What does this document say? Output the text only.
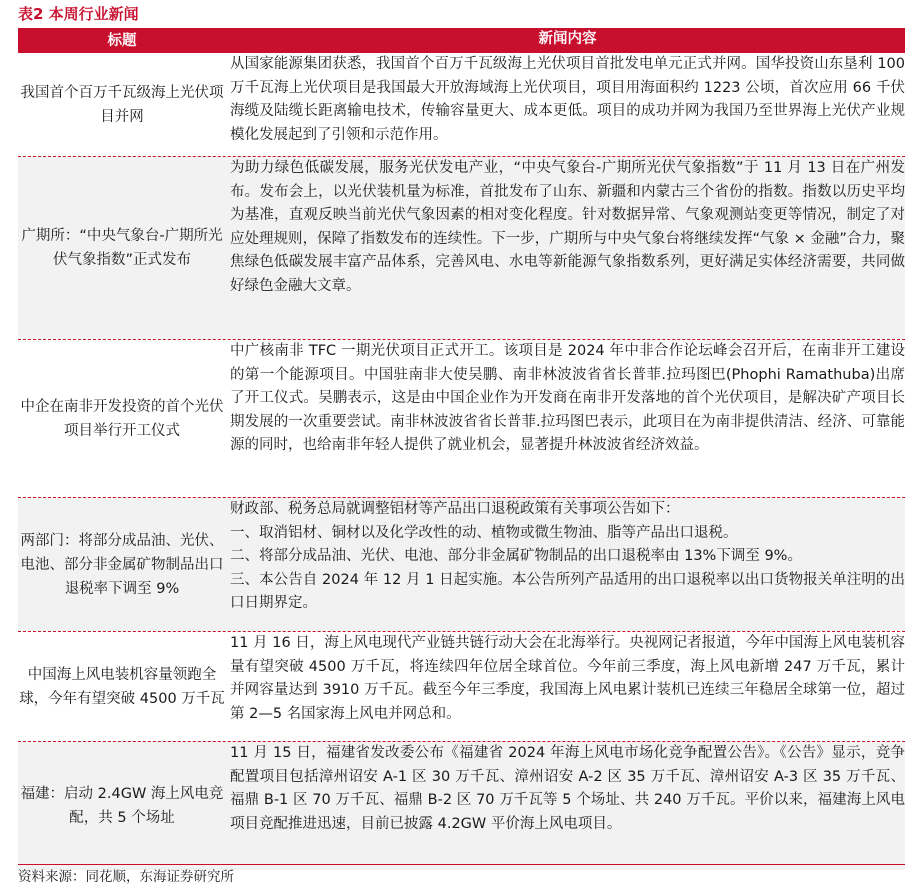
表2 本周行业新闻
标题	新闻内容
我国首个百万千瓦级海上光伏项目并网
从国家能源集团获悉，我国首个百万千瓦级海上光伏项目首批发电单元正式并网。国华投资山东垦利 100 万千瓦海上光伏项目是我国最大开放海域海上光伏项目，项目用海面积约 1223 公顷，首次应用 66 千伏海缆及陆缆长距离输电技术，传输容量更大、成本更低。项目的成功并网为我国乃至世界海上光伏产业规模化发展起到了引领和示范作用。
广期所：“中央气象台-广期所光伏气象指数”正式发布
为助力绿色低碳发展，服务光伏发电产业，“中央气象台-广期所光伏气象指数”于 11 月 13 日在广州发布。发布会上，以光伏装机量为标准，首批发布了山东、新疆和内蒙古三个省份的指数。指数以历史平均为基准，直观反映当前光伏气象因素的相对变化程度。针对数据异常、气象观测站变更等情况，制定了对应处理规则，保障了指数发布的连续性。下一步，广期所与中央气象台将继续发挥“气象 × 金融”合力，聚焦绿色低碳发展丰富产品体系，完善风电、水电等新能源气象指数系列，更好满足实体经济需要，共同做好绿色金融大文章。
中企在南非开发投资的首个光伏项目举行开工仪式
中广核南非 TFC 一期光伏项目正式开工。该项目是 2024 年中非合作论坛峰会召开后，在南非开工建设的第一个能源项目。中国驻南非大使吴鹏、南非林波波省省长普菲.拉玛图巴(Phophi Ramathuba)出席了开工仪式。吴鹏表示，这是由中国企业作为开发商在南非开发落地的首个光伏项目，是解决矿产项目长期发展的一次重要尝试。南非林波波省省长普菲.拉玛图巴表示，此项目在为南非提供清洁、经济、可靠能源的同时，也给南非年轻人提供了就业机会，显著提升林波波省经济效益。
两部门：将部分成品油、光伏、电池、部分非金属矿物制品出口退税率下调至 9%
财政部、税务总局就调整铝材等产品出口退税政策有关事项公告如下：
一、取消铝材、铜材以及化学改性的动、植物或微生物油、脂等产品出口退税。
二、将部分成品油、光伏、电池、部分非金属矿物制品的出口退税率由 13%下调至 9%。
三、本公告自 2024 年 12 月 1 日起实施。本公告所列产品适用的出口退税率以出口货物报关单注明的出口日期界定。
中国海上风电装机容量领跑全球，今年有望突破 4500 万千瓦
11 月 16 日，海上风电现代产业链共链行动大会在北海举行。央视网记者报道，今年中国海上风电装机容量有望突破 4500 万千瓦，将连续四年位居全球首位。今年前三季度，海上风电新增 247 万千瓦，累计并网容量达到 3910 万千瓦。截至今年三季度，我国海上风电累计装机已连续三年稳居全球第一位，超过第 2—5 名国家海上风电并网总和。
福建：启动 2.4GW 海上风电竞配，共 5 个场址
11 月 15 日，福建省发改委公布《福建省 2024 年海上风电市场化竞争配置公告》。《公告》显示，竞争配置项目包括漳州诏安 A-1 区 30 万千瓦、漳州诏安 A-2 区 35 万千瓦、漳州诏安 A-3 区 35 万千瓦、福鼎 B-1 区 70 万千瓦、福鼎 B-2 区 70 万千瓦等 5 个场址、共 240 万千瓦。平价以来，福建海上风电项目竞配推进迅速，目前已披露 4.2GW 平价海上风电项目。
资料来源：同花顺，东海证券研究所
